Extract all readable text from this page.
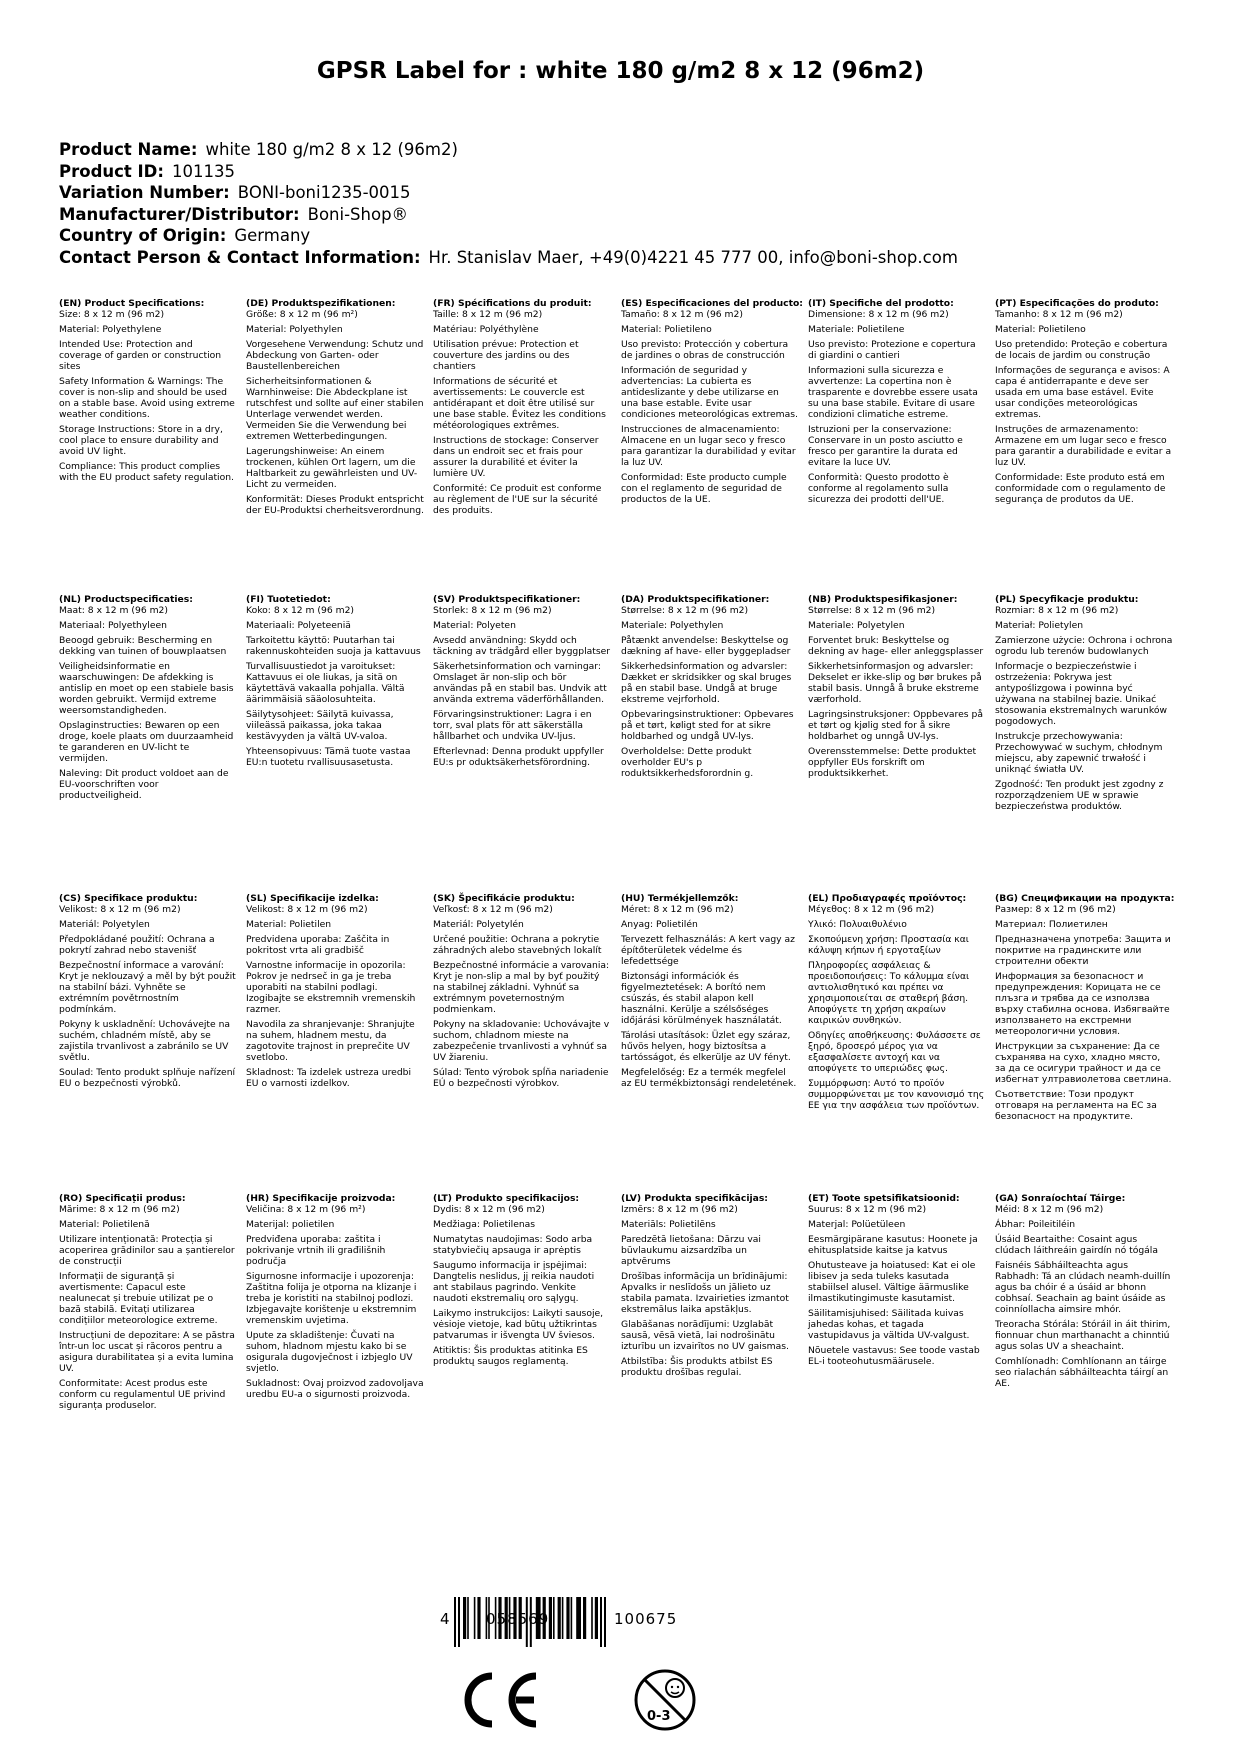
GPSR Label for : white 180 g/m2 8 x 12 (96m2)
Product Name: white 180 g/m2 8 x 12 (96m2)
Product ID: 101135
Variation Number: BONI-boni1235-0015
Manufacturer/Distributor: Boni-Shop®
Country of Origin: Germany
Contact Person & Contact Information: Hr. Stanislav Maer, +49(0)4221 45 777 00, info@boni-shop.com
(EN) Product Specifications:

Size: 8 x 12 m (96 m2)

Material: Polyethylene

Intended Use: Protection and coverage of garden or construction sites

Safety Information & Warnings: The cover is non-slip and should be used on a stable base. Avoid using extreme weather conditions.

Storage Instructions: Store in a dry, cool place to ensure durability and avoid UV light.

Compliance: This product complies with the EU product safety regulation.

(DE) Produktspezifikationen:

Größe: 8 x 12 m (96 m²)

Material: Polyethylen

Vorgesehene Verwendung: Schutz und Abdeckung von Garten- oder Baustellenbereichen

Sicherheitsinformationen & Warnhinweise: Die Abdeckplane ist rutschfest und sollte auf einer stabilen Unterlage verwendet werden. Vermeiden Sie die Verwendung bei extremen Wetterbedingungen.

Lagerungshinweise: An einem trockenen, kühlen Ort lagern, um die Haltbarkeit zu gewährleisten und UV-Licht zu vermeiden.

Konformität: Dieses Produkt entspricht der EU-Produktsi cherheitsverordnung.

(FR) Spécifications du produit:

Taille: 8 x 12 m (96 m2)

Matériau: Polyéthylène

Utilisation prévue: Protection et couverture des jardins ou des chantiers

Informations de sécurité et avertissements: Le couvercle est antidérapant et doit être utilisé sur une base stable. Évitez les conditions météorologiques extrêmes.

Instructions de stockage: Conserver dans un endroit sec et frais pour assurer la durabilité et éviter la lumière UV.

Conformité: Ce produit est conforme au règlement de l'UE sur la sécurité des produits.

(ES) Especificaciones del producto:

Tamaño: 8 x 12 m (96 m2)

Material: Polietileno

Uso previsto: Protección y cobertura de jardines o obras de construcción

Información de seguridad y advertencias: La cubierta es antideslizante y debe utilizarse en una base estable. Evite usar condiciones meteorológicas extremas.

Instrucciones de almacenamiento: Almacene en un lugar seco y fresco para garantizar la durabilidad y evitar la luz UV.

Conformidad: Este producto cumple con el reglamento de seguridad de productos de la UE.

(IT) Specifiche del prodotto:

Dimensione: 8 x 12 m (96 m2)

Materiale: Polietilene

Uso previsto: Protezione e copertura di giardini o cantieri

Informazioni sulla sicurezza e avvertenze: La copertina non è trasparente e dovrebbe essere usata su una base stabile. Evitare di usare condizioni climatiche estreme.

Istruzioni per la conservazione: Conservare in un posto asciutto e fresco per garantire la durata ed evitare la luce UV.

Conformità: Questo prodotto è conforme al regolamento sulla sicurezza dei prodotti dell'UE.

(PT) Especificações do produto:

Tamanho: 8 x 12 m (96 m2)

Material: Polietileno

Uso pretendido: Proteção e cobertura de locais de jardim ou construção

Informações de segurança e avisos: A capa é antiderrapante e deve ser usada em uma base estável. Evite usar condições meteorológicas extremas.

Instruções de armazenamento: Armazene em um lugar seco e fresco para garantir a durabilidade e evitar a luz UV.

Conformidade: Este produto está em conformidade com o regulamento de segurança de produtos da UE.

(NL) Productspecificaties:

Maat: 8 x 12 m (96 m2)

Materiaal: Polyethyleen

Beoogd gebruik: Bescherming en dekking van tuinen of bouwplaatsen

Veiligheidsinformatie en waarschuwingen: De afdekking is antislip en moet op een stabiele basis worden gebruikt. Vermijd extreme weersomstandigheden.

Opslaginstructies: Bewaren op een droge, koele plaats om duurzaamheid te garanderen en UV-licht te vermijden.

Naleving: Dit product voldoet aan de EU-voorschriften voor productveiligheid.

(FI) Tuotetiedot:

Koko: 8 x 12 m (96 m2)

Materiaali: Polyeteeniä

Tarkoitettu käyttö: Puutarhan tai rakennuskohteiden suoja ja kattavuus

Turvallisuustiedot ja varoitukset: Kattavuus ei ole liukas, ja sitä on käytettävä vakaalla pohjalla. Vältä äärimmäisiä sääolosuhteita.

Säilytysohjeet: Säilytä kuivassa, viileässä paikassa, joka takaa kestävyyden ja vältä UV-valoa.

Yhteensopivuus: Tämä tuote vastaa EU:n tuotetu rvallisuusasetusta.

(SV) Produktspecifikationer:

Storlek: 8 x 12 m (96 m2)

Material: Polyeten

Avsedd användning: Skydd och täckning av trädgård eller byggplatser

Säkerhetsinformation och varningar: Omslaget är non-slip och bör användas på en stabil bas. Undvik att använda extrema väderförhållanden.

Förvaringsinstruktioner: Lagra i en torr, sval plats för att säkerställa hållbarhet och undvika UV-ljus.

Efterlevnad: Denna produkt uppfyller EU:s pr oduktsäkerhetsförordning.

(DA) Produktspecifikationer:

Størrelse: 8 x 12 m (96 m2)

Materiale: Polyethylen

Påtænkt anvendelse: Beskyttelse og dækning af have- eller byggepladser

Sikkerhedsinformation og advarsler: Dækket er skridsikker og skal bruges på en stabil base. Undgå at bruge ekstreme vejrforhold.

Opbevaringsinstruktioner: Opbevares på et tørt, køligt sted for at sikre holdbarhed og undgå UV-lys.

Overholdelse: Dette produkt overholder EU's p roduktsikkerhedsforordnin g.

(NB) Produktspesifikasjoner:

Størrelse: 8 x 12 m (96 m2)

Materiale: Polyetylen

Forventet bruk: Beskyttelse og dekning av hage- eller anleggsplasser

Sikkerhetsinformasjon og advarsler: Dekselet er ikke-slip og bør brukes på stabil basis. Unngå å bruke ekstreme værforhold.

Lagringsinstruksjoner: Oppbevares på et tørt og kjølig sted for å sikre holdbarhet og unngå UV-lys.

Overensstemmelse: Dette produktet oppfyller EUs forskrift om produktsikkerhet.

(PL) Specyfikacje produktu:

Rozmiar: 8 x 12 m (96 m2)

Materiał: Polietylen

Zamierzone użycie: Ochrona i ochrona ogrodu lub terenów budowlanych

Informacje o bezpieczeństwie i ostrzeżenia: Pokrywa jest antypoślizgowa i powinna być używana na stabilnej bazie. Unikać stosowania ekstremalnych warunków pogodowych.

Instrukcje przechowywania: Przechowywać w suchym, chłodnym miejscu, aby zapewnić trwałość i uniknąć światła UV.

Zgodność: Ten produkt jest zgodny z rozporządzeniem UE w sprawie bezpieczeństwa produktów.

(CS) Specifikace produktu:

Velikost: 8 x 12 m (96 m2)

Materiál: Polyetylen

Předpokládané použití: Ochrana a pokrytí zahrad nebo stavenišť

Bezpečnostní informace a varování: Kryt je neklouzavý a měl by být použit na stabilní bázi. Vyhněte se extrémním povětrnostním podmínkám.

Pokyny k uskladnění: Uchovávejte na suchém, chladném místě, aby se zajistila trvanlivost a zabránilo se UV světlu.

Soulad: Tento produkt splňuje nařízení EU o bezpečnosti výrobků.

(SL) Specifikacije izdelka:

Velikost: 8 x 12 m (96 m2)

Material: Polietilen

Predvidena uporaba: Zaščita in pokritost vrta ali gradbišč

Varnostne informacije in opozorila: Pokrov je nedrseč in ga je treba uporabiti na stabilni podlagi. Izogibajte se ekstremnih vremenskih razmer.

Navodila za shranjevanje: Shranjujte na suhem, hladnem mestu, da zagotovite trajnost in preprečite UV svetlobo.

Skladnost: Ta izdelek ustreza uredbi EU o varnosti izdelkov.

(SK) Špecifikácie produktu:

Veľkosť: 8 x 12 m (96 m2)

Materiál: Polyetylén

Určené použitie: Ochrana a pokrytie záhradných alebo stavebných lokalít

Bezpečnostné informácie a varovania: Kryt je non-slip a mal by byť použitý na stabilnej základni. Vyhnúť sa extrémnym poveternostným podmienkam.

Pokyny na skladovanie: Uchovávajte v suchom, chladnom mieste na zabezpečenie trvanlivosti a vyhnúť sa UV žiareniu.

Súlad: Tento výrobok spĺňa nariadenie EÚ o bezpečnosti výrobkov.

(HU) Termékjellemzők:

Méret: 8 x 12 m (96 m2)

Anyag: Polietilén

Tervezett felhasználás: A kert vagy az építőterületek védelme és lefedettsége

Biztonsági információk és figyelmeztetések: A borító nem csúszás, és stabil alapon kell használni. Kerülje a szélsőséges időjárási körülmények használatát.

Tárolási utasítások: Üzlet egy száraz, hűvös helyen, hogy biztosítsa a tartósságot, és elkerülje az UV fényt.

Megfelelőség: Ez a termék megfelel az EU termékbiztonsági rendeletének.

(EL) Προδιαγραφές προϊόντος:

Μέγεθος: 8 x 12 m (96 m2)

Υλικό: Πολυαιθυλένιο

Σκοπούμενη χρήση: Προστασία και κάλυψη κήπων ή εργοταξίων

Πληροφορίες ασφάλειας & προειδοποιήσεις: Το κάλυμμα είναι αντιολισθητικό και πρέπει να χρησιμοποιείται σε σταθερή βάση. Αποφύγετε τη χρήση ακραίων καιρικών συνθηκών.

Οδηγίες αποθήκευσης: Φυλάσσετε σε ξηρό, δροσερό μέρος για να εξασφαλίσετε αντοχή και να αποφύγετε το υπεριώδες φως.

Συμμόρφωση: Αυτό το προϊόν συμμορφώνεται με τον κανονισμό της ΕΕ για την ασφάλεια των προϊόντων.

(BG) Спецификации на продукта:

Размер: 8 x 12 m (96 m2)

Материал: Полиетилен

Предназначена употреба: Защита и покритие на градинските или строителни обекти

Информация за безопасност и предупреждения: Корицата не се плъзга и трябва да се използва върху стабилна основа. Избягвайте използването на екстремни метеорологични условия.

Инструкции за съхранение: Да се съхранява на сухо, хладно място, за да се осигури трайност и да се избегнат ултравиолетова светлина.

Съответствие: Този продукт отговаря на регламента на ЕС за безопасност на продуктите.

(RO) Specificații produs:

Mărime: 8 x 12 m (96 m2)

Material: Polietilenă

Utilizare intenționată: Protecția și acoperirea grădinilor sau a șantierelor de construcții

Informații de siguranță și avertismente: Capacul este nealunecat și trebuie utilizat pe o bază stabilă. Evitați utilizarea condițiilor meteorologice extreme.

Instrucțiuni de depozitare: A se păstra într-un loc uscat și răcoros pentru a asigura durabilitatea și a evita lumina UV.

Conformitate: Acest produs este conform cu regulamentul UE privind siguranța produselor.

(HR) Specifikacije proizvoda:

Veličina: 8 x 12 m (96 m²)

Materijal: polietilen

Predviđena uporaba: zaštita i pokrivanje vrtnih ili građilišnih područja

Sigurnosne informacije i upozorenja: Zaštitna folija je otporna na klizanje i treba je koristiti na stabilnoj podlozi. Izbjegavajte korištenje u ekstremnim vremenskim uvjetima.

Upute za skladištenje: Čuvati na suhom, hladnom mjestu kako bi se osigurala dugovječnost i izbjeglo UV svjetlo.

Sukladnost: Ovaj proizvod zadovoljava uredbu EU-a o sigurnosti proizvoda.

(LT) Produkto specifikacijos:

Dydis: 8 x 12 m (96 m2)

Medžiaga: Polietilenas

Numatytas naudojimas: Sodo arba statybviečių apsauga ir aprėptis

Saugumo informacija ir įspėjimai: Dangtelis neslidus, jį reikia naudoti ant stabilaus pagrindo. Venkite naudoti ekstremalių oro sąlygų.

Laikymo instrukcijos: Laikyti sausoje, vėsioje vietoje, kad būtų užtikrintas patvarumas ir išvengta UV šviesos.

Atitiktis: Šis produktas atitinka ES produktų saugos reglamentą.

(LV) Produkta specifikācijas:

Izmērs: 8 x 12 m (96 m2)

Materiāls: Polietilēns

Paredzētā lietošana: Dārzu vai būvlaukumu aizsardzība un aptvērums

Drošības informācija un brīdinājumi: Apvalks ir neslīdošs un jālieto uz stabila pamata. Izvairieties izmantot ekstremālus laika apstākļus.

Glabāšanas norādījumi: Uzglabāt sausā, vēsā vietā, lai nodrošinātu izturību un izvairītos no UV gaismas.

Atbilstība: Šis produkts atbilst ES produktu drošības regulai.

(ET) Toote spetsifikatsioonid:

Suurus: 8 x 12 m (96 m2)

Materjal: Polüetüleen

Eesmärgipärane kasutus: Hoonete ja ehitusplatside kaitse ja katvus

Ohutusteave ja hoiatused: Kat ei ole libisev ja seda tuleks kasutada stabiilsel alusel. Vältige äärmuslike ilmastikutingimuste kasutamist.

Säilitamisjuhised: Säilitada kuivas jahedas kohas, et tagada vastupidavus ja vältida UV-valgust.

Nõuetele vastavus: See toode vastab EL-i tooteohutusmäärusele.

(GA) Sonraíochtaí Táirge:

Méid: 8 x 12 m (96 m2)

Ábhar: Poileitiléin

Úsáid Beartaithe: Cosaint agus clúdach láithreáin gairdín nó tógála

Faisnéis Sábháilteachta agus Rabhadh: Tá an clúdach neamh-duillín agus ba chóir é a úsáid ar bhonn cobhsaí. Seachain ag baint úsáide as coinníollacha aimsire mhór.

Treoracha Stórála: Stóráil in áit thirim, fionnuar chun marthanacht a chinntiú agus solas UV a sheachaint.

Comhlíonadh: Comhlíonann an táirge seo rialachán sábháilteachta táirgí an AE.

4 058569	100675
0-3
